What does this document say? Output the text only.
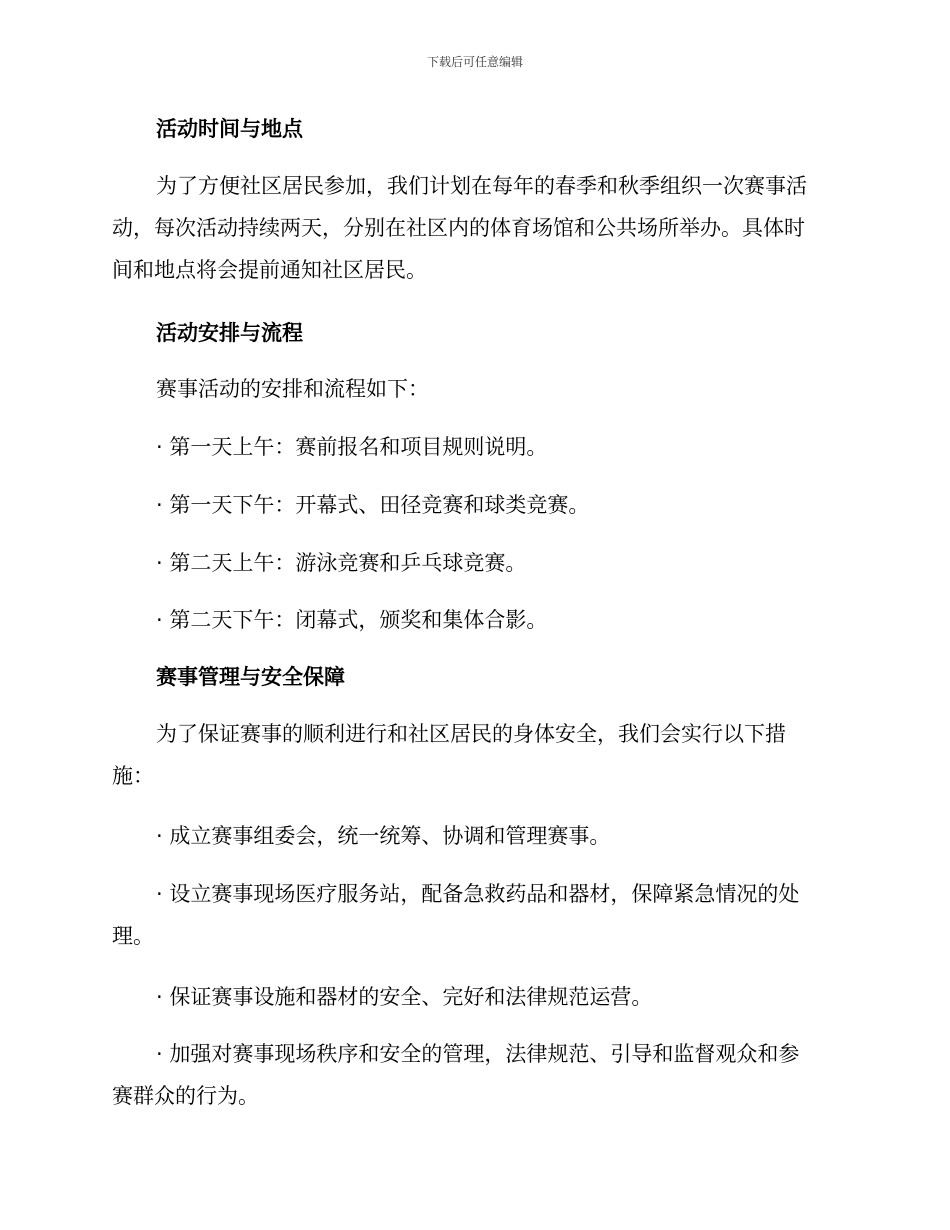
下载后可任意编辑
活动时间与地点
为了方便社区居民参加，我们计划在每年的春季和秋季组织一次赛事活
动，每次活动持续两天，分别在社区内的体育场馆和公共场所举办。具体时
间和地点将会提前通知社区居民。
活动安排与流程

赛事活动的安排和流程如下：

· 第一天上午：赛前报名和项目规则说明。

· 第一天下午：开幕式、田径竞赛和球类竞赛。

· 第二天上午：游泳竞赛和乒乓球竞赛。

· 第二天下午：闭幕式，颁奖和集体合影。

赛事管理与安全保障
为了保证赛事的顺利进行和社区居民的身体安全，我们会实行以下措
施：

· 成立赛事组委会，统一统筹、协调和管理赛事。

· 设立赛事现场医疗服务站，配备急救药品和器材，保障紧急情况的处
理。

· 保证赛事设施和器材的安全、完好和法律规范运营。

· 加强对赛事现场秩序和安全的管理，法律规范、引导和监督观众和参
赛群众的行为。
